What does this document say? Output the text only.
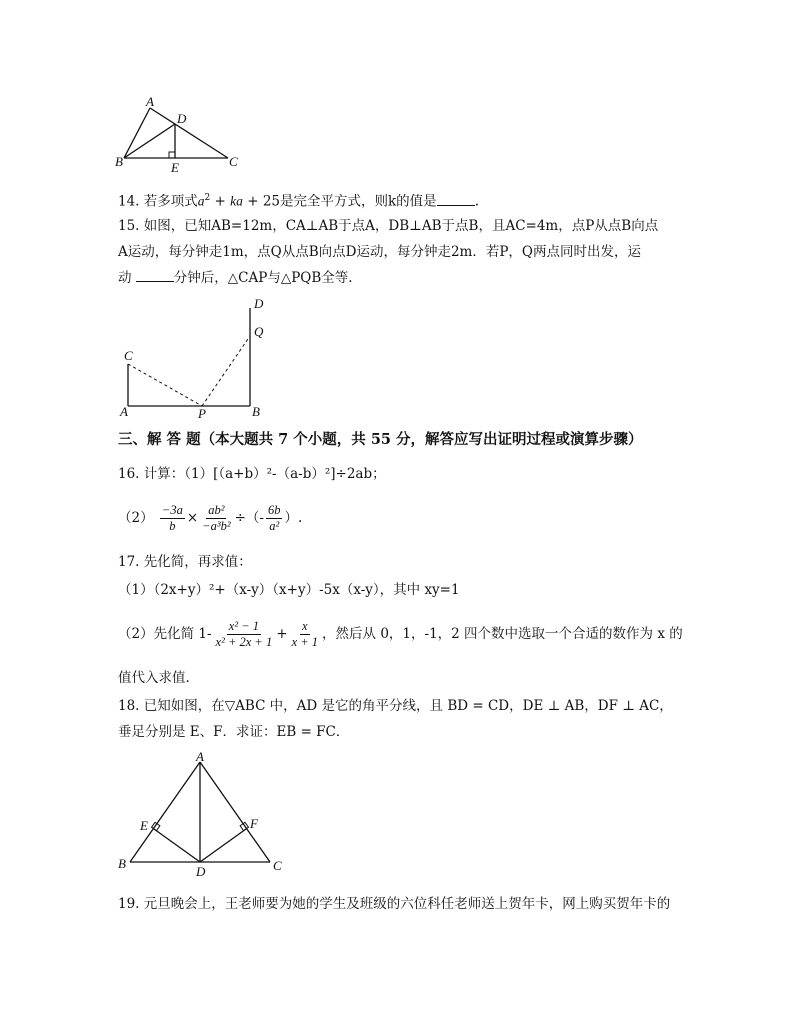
A
B	C
D
E
14. 若多项式$a^2$ + ka + 25是完全平方式，则k的值是	.
15. 如图，已知AB=12m，CA⊥AB于点A，DB⊥AB于点B，且AC=4m，点P从点B向点
A运动，每分钟走1m，点Q从点B向点D运动，每分钟走2m．若P，Q两点同时出发，运
动	分钟后，△CAP与△PQB全等.
C
A	P	B
D
Q
三、解 答 题（本大题共 7 个小题，共 55 分，解答应写出证明过程或演算步骤）
16. 计算：（1）[（a+b）²-（a-b）²]÷2ab；
$(2) \frac{-3a}{b} \times \frac{\text{ab²}}{\text{−a³b²}}$ ÷（- $\frac{6b}{\text{a²}}$ ）.
17. 先化简，再求值：
（1）（2x+y）²+（x-y）（x+y）-5x（x-y），其中 xy=1
（2）先化简 $1- \frac{\text{x² − 1}}{\text{x² + 2x + 1}} + \frac{x}{x + 1}$ ，然后从 0，1，-1，2 四个数中选取一个合适的数作为 x 的
值代入求值.
18. 已知如图，在▽ABC 中，AD 是它的角平分线，且 BD = CD，DE ⊥ AB，DF ⊥ AC，
垂足分别是 E、F．求证：EB = FC．
A
B	C
D
E	F
19. 元旦晚会上，王老师要为她的学生及班级的六位科任老师送上贺年卡，网上购买贺年卡的
